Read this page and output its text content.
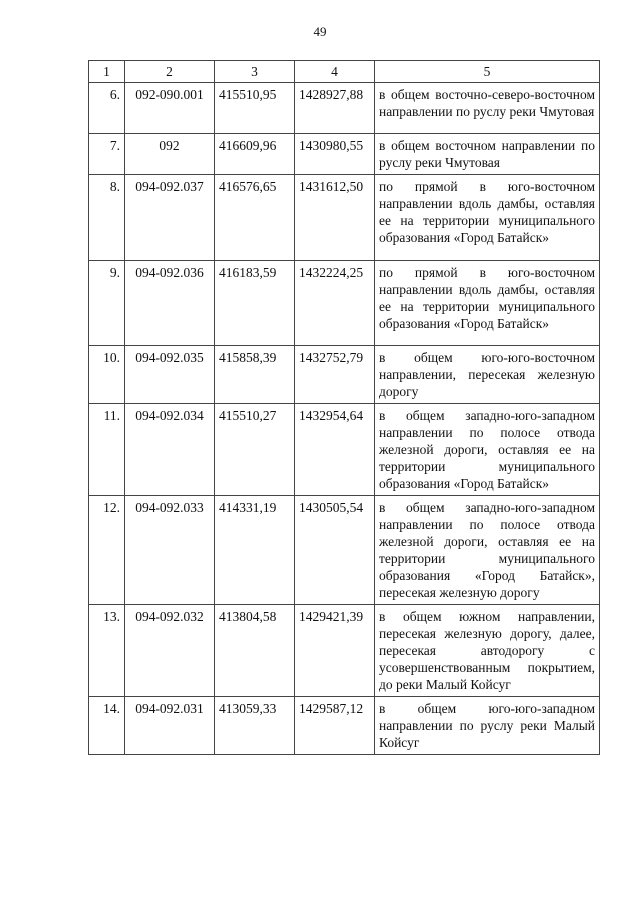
49
1	2	3	4	5
6.	092-090.001	415510,95	1428927,88	в общем восточно-северо-восточном направлении по руслу реки Чмутовая
7.	092	416609,96	1430980,55	в общем восточном направлении по руслу реки Чмутовая
8.	094-092.037	416576,65	1431612,50	по прямой в юго-восточном направлении вдоль дамбы, оставляя ее на территории муниципального образования «Город Батайск»
9.	094-092.036	416183,59	1432224,25	по прямой в юго-восточном направлении вдоль дамбы, оставляя ее на территории муниципального образования «Город Батайск»
10.	094-092.035	415858,39	1432752,79	в общем юго-юго-восточном направлении, пересекая железную дорогу
11.	094-092.034	415510,27	1432954,64	в общем западно-юго-западном направлении по полосе отвода железной дороги, оставляя ее на территории муниципального образования «Город Батайск»
12.	094-092.033	414331,19	1430505,54	в общем западно-юго-западном направлении по полосе отвода железной дороги, оставляя ее на территории муниципального образования «Город Батайск», пересекая железную дорогу
13.	094-092.032	413804,58	1429421,39	в общем южном направлении, пересекая железную дорогу, далее, пересекая автодорогу с усовершенствованным покрытием, до реки Малый Койсуг
14.	094-092.031	413059,33	1429587,12	в общем юго-юго-западном направлении по руслу реки Малый Койсуг
